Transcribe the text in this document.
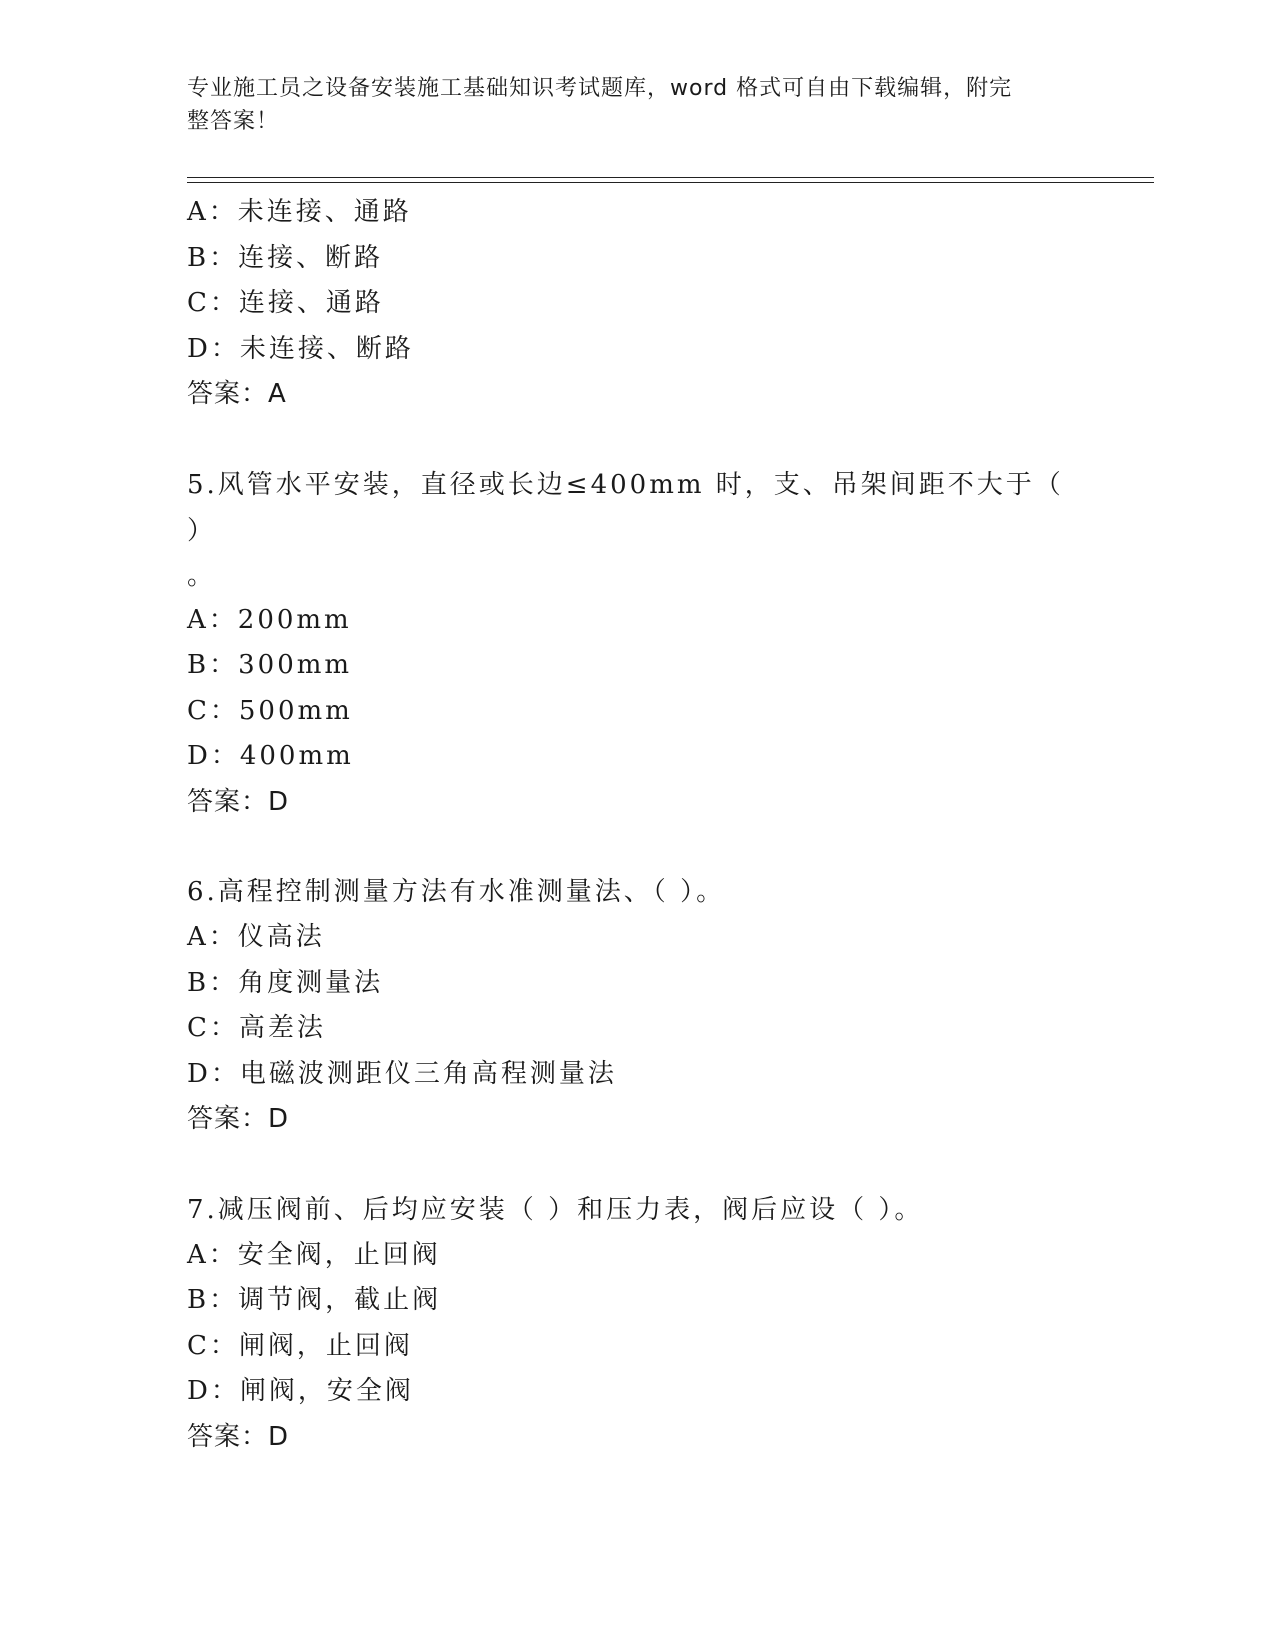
专业施工员之设备安装施工基础知识考试题库，word 格式可自由下载编辑，附完
整答案！
A：未连接、通路
B：连接、断路
C：连接、通路
D：未连接、断路
答案：A
5.风管水平安装，直径或长边≤400mm 时，支、吊架间距不大于（ ）
。
A：200mm
B：300mm
C：500mm
D：400mm
答案：D
6.高程控制测量方法有水准测量法、（ ）。
A：仪高法
B：角度测量法
C：高差法
D：电磁波测距仪三角高程测量法
答案：D
7.减压阀前、后均应安装（ ）和压力表，阀后应设（ ）。
A：安全阀，止回阀
B：调节阀，截止阀
C：闸阀，止回阀
D：闸阀，安全阀
答案：D
